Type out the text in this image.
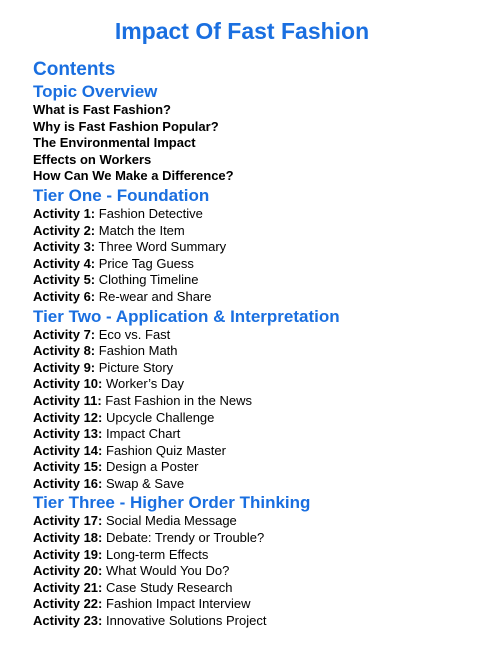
Impact Of Fast Fashion
Contents
Topic Overview
What is Fast Fashion?
Why is Fast Fashion Popular?
The Environmental Impact
Effects on Workers
How Can We Make a Difference?
Tier One - Foundation
Activity 1: Fashion Detective
Activity 2: Match the Item
Activity 3: Three Word Summary
Activity 4: Price Tag Guess
Activity 5: Clothing Timeline
Activity 6: Re-wear and Share
Tier Two - Application & Interpretation
Activity 7: Eco vs. Fast
Activity 8: Fashion Math
Activity 9: Picture Story
Activity 10: Worker’s Day
Activity 11: Fast Fashion in the News
Activity 12: Upcycle Challenge
Activity 13: Impact Chart
Activity 14: Fashion Quiz Master
Activity 15: Design a Poster
Activity 16: Swap & Save
Tier Three - Higher Order Thinking
Activity 17: Social Media Message
Activity 18: Debate: Trendy or Trouble?
Activity 19: Long-term Effects
Activity 20: What Would You Do?
Activity 21: Case Study Research
Activity 22: Fashion Impact Interview
Activity 23: Innovative Solutions Project
